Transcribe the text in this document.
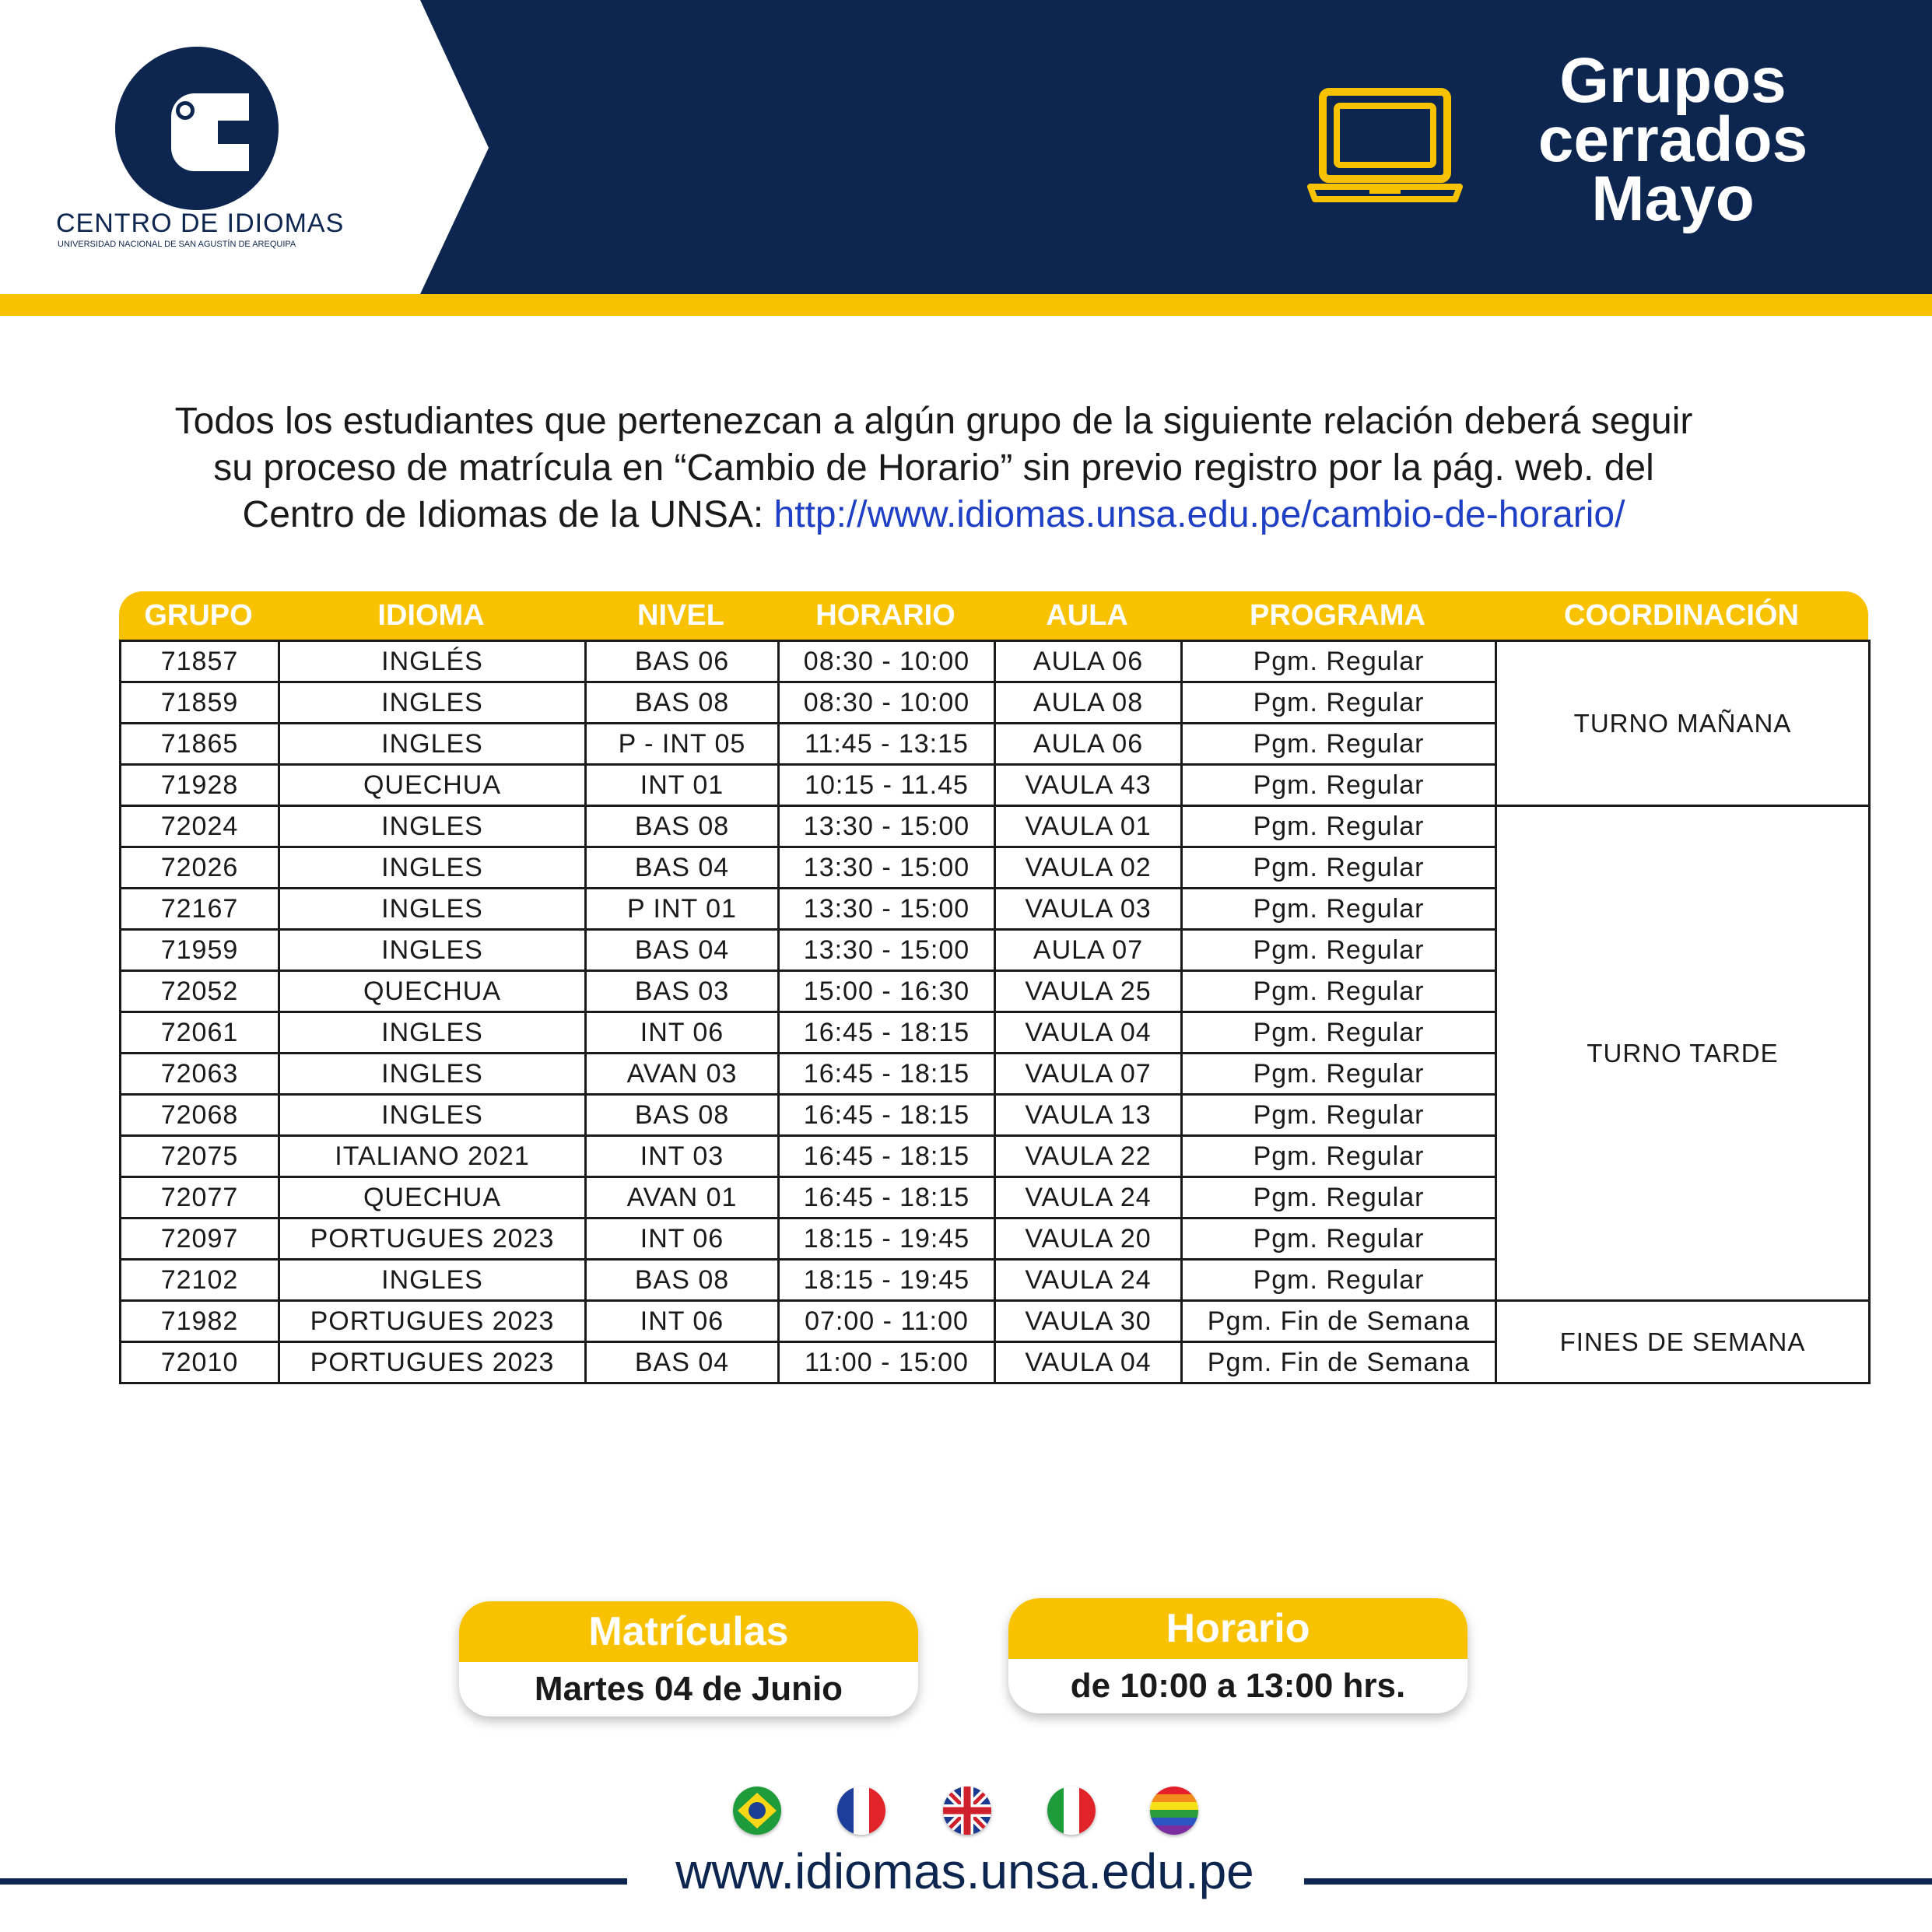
CENTRO DE IDIOMAS
UNIVERSIDAD NACIONAL DE SAN AGUSTÍN DE AREQUIPA
Grupos
cerrados
Mayo
Todos los estudiantes que pertenezcan a algún grupo de la siguiente relación deberá seguir
su proceso de matrícula en “Cambio de Horario” sin previo registro por la pág. web. del
Centro de Idiomas de la UNSA: http://www.idiomas.unsa.edu.pe/cambio-de-horario/
GRUPO	IDIOMA	NIVEL	HORARIO	AULA	PROGRAMA	COORDINACIÓN
71857	INGLÉS	BAS 06	08:30 - 10:00	AULA 06	Pgm. Regular	TURNO MAÑANA
71859	INGLES	BAS 08	08:30 - 10:00	AULA 08	Pgm. Regular	
71865	INGLES	P - INT 05	11:45 - 13:15	AULA 06	Pgm. Regular	
71928	QUECHUA	INT 01	10:15 - 11.45	VAULA 43	Pgm. Regular	
72024	INGLES	BAS 08	13:30 - 15:00	VAULA 01	Pgm. Regular	TURNO TARDE
72026	INGLES	BAS 04	13:30 - 15:00	VAULA 02	Pgm. Regular	
72167	INGLES	P INT 01	13:30 - 15:00	VAULA 03	Pgm. Regular	
71959	INGLES	BAS 04	13:30 - 15:00	AULA 07	Pgm. Regular	
72052	QUECHUA	BAS 03	15:00 - 16:30	VAULA 25	Pgm. Regular	
72061	INGLES	INT 06	16:45 - 18:15	VAULA 04	Pgm. Regular	
72063	INGLES	AVAN 03	16:45 - 18:15	VAULA 07	Pgm. Regular	
72068	INGLES	BAS 08	16:45 - 18:15	VAULA 13	Pgm. Regular	
72075	ITALIANO 2021	INT 03	16:45 - 18:15	VAULA 22	Pgm. Regular	
72077	QUECHUA	AVAN 01	16:45 - 18:15	VAULA 24	Pgm. Regular	
72097	PORTUGUES 2023	INT 06	18:15 - 19:45	VAULA 20	Pgm. Regular	
72102	INGLES	BAS 08	18:15 - 19:45	VAULA 24	Pgm. Regular	
71982	PORTUGUES 2023	INT 06	07:00 - 11:00	VAULA 30	Pgm. Fin de Semana	FINES DE SEMANA
72010	PORTUGUES 2023	BAS 04	11:00 - 15:00	VAULA 04	Pgm. Fin de Semana	
Matrículas
Martes 04 de Junio
Horario
de 10:00 a 13:00 hrs.
www.idiomas.unsa.edu.pe
